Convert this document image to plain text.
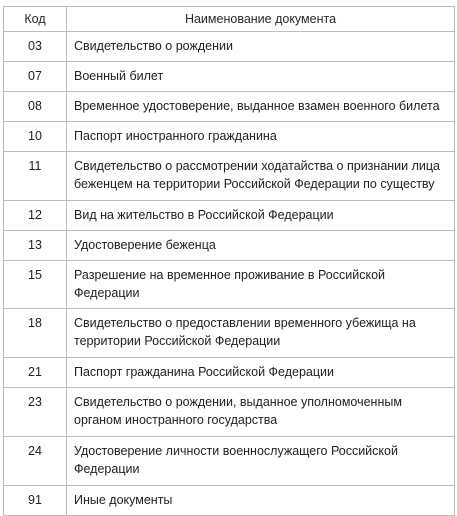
Код	Наименование документа
03	Свидетельство о рождении
07	Военный билет
08	Временное удостоверение, выданное взамен военного билета
10	Паспорт иностранного гражданина
11	Свидетельство о рассмотрении ходатайства о признании лица беженцем на территории Российской Федерации по существу
12	Вид на жительство в Российской Федерации
13	Удостоверение беженца
15	Разрешение на временное проживание в Российской Федерации
18	Свидетельство о предоставлении временного убежища на территории Российской Федерации
21	Паспорт гражданина Российской Федерации
23	Свидетельство о рождении, выданное уполномоченным органом иностранного государства
24	Удостоверение личности военнослужащего Российской Федерации
91	Иные документы
